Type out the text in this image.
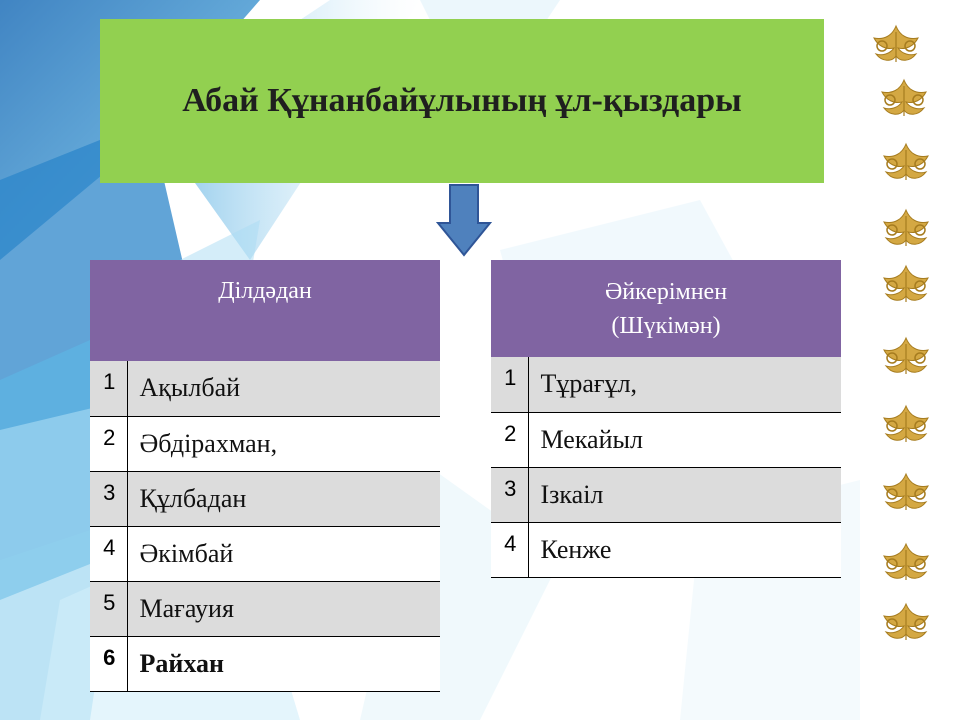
Абай Құнанбайұлының ұл-қыздары
Ділдәдан	
1	Ақылбай
2	Әбдірахман,
3	Құлбадан
4	Әкімбай
5	Мағауия
6	Райхан
Әйкерімнен
(Шүкімән)	

1	Тұрағұл,
2	Мекайыл
3	Ізкаіл
4	Кенже
